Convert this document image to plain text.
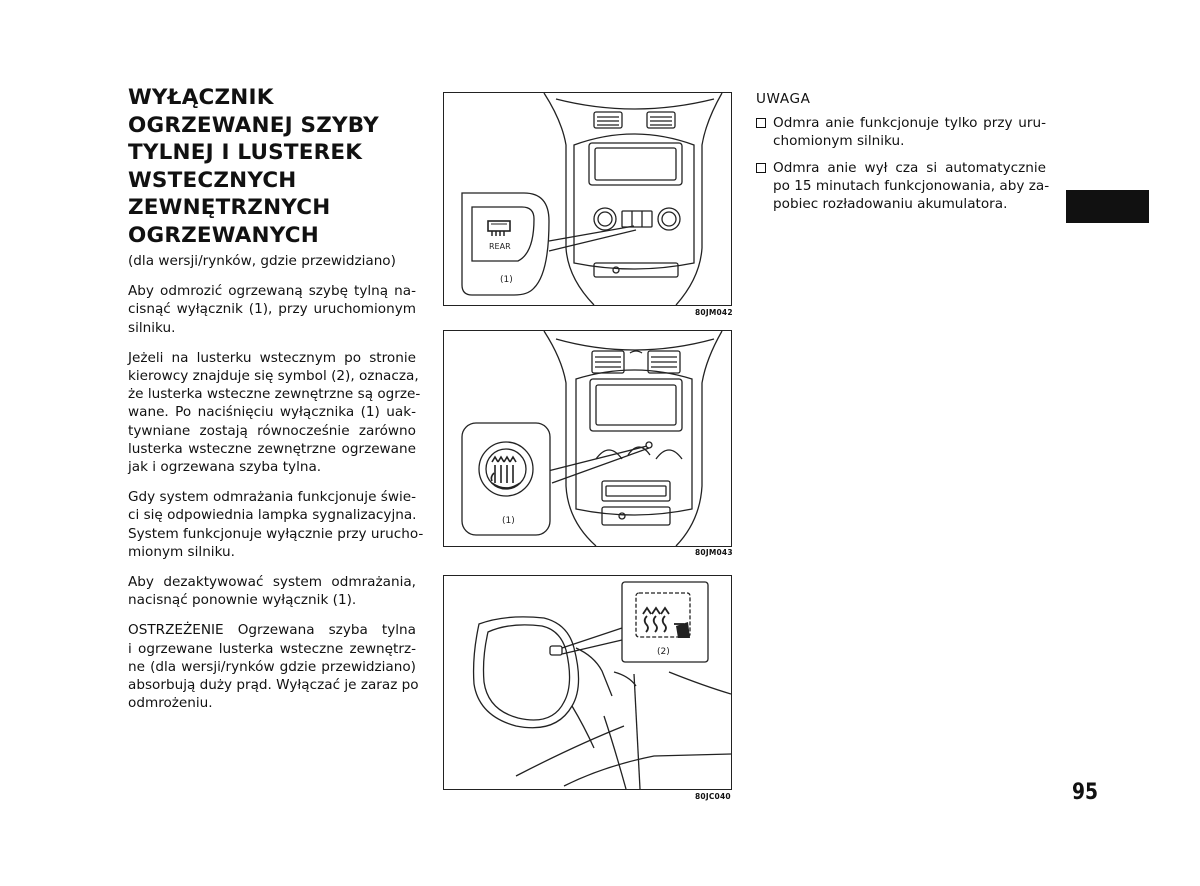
WYŁĄCZNIK
OGRZEWANEJ SZYBY
TYLNEJ I LUSTEREK
WSTECZNYCH
ZEWNĘTRZNYCH
OGRZEWANYCH

(dla wersji/rynków, gdzie przewidziano)

Aby odmrozić ogrzewaną szybę tylną na-
cisnąć wyłącznik (1), przy uruchomionym
silniku.

Jeżeli na lusterku wstecznym po stronie
kierowcy znajduje się symbol (2), oznacza,
że lusterka wsteczne zewnętrzne są ogrze-
wane. Po naciśnięciu wyłącznika (1) uak-
tywniane zostają równocześnie zarówno
lusterka wsteczne zewnętrzne ogrzewane
jak i ogrzewana szyba tylna.

Gdy system odmrażania funkcjonuje świe-
ci się odpowiednia lampka sygnalizacyjna.
System funkcjonuje wyłącznie przy urucho-
mionym silniku.

Aby dezaktywować system odmrażania,
nacisnąć ponownie wyłącznik (1).

OSTRZEŻENIE Ogrzewana szyba tylna
i ogrzewane lusterka wsteczne zewnętrz-
ne (dla wersji/rynków gdzie przewidziano)
absorbują duży prąd. Wyłączać je zaraz po
odmrożeniu.

REAR
(1)
80JM042
(1)
80JM043
(2)
80JC040
UWAGA
Odmra anie funkcjonuje tylko przy uru-
chomionym silniku.
Odmra anie wył cza si automatycznie
po 15 minutach funkcjonowania, aby za-
pobiec rozładowaniu akumulatora.
95
